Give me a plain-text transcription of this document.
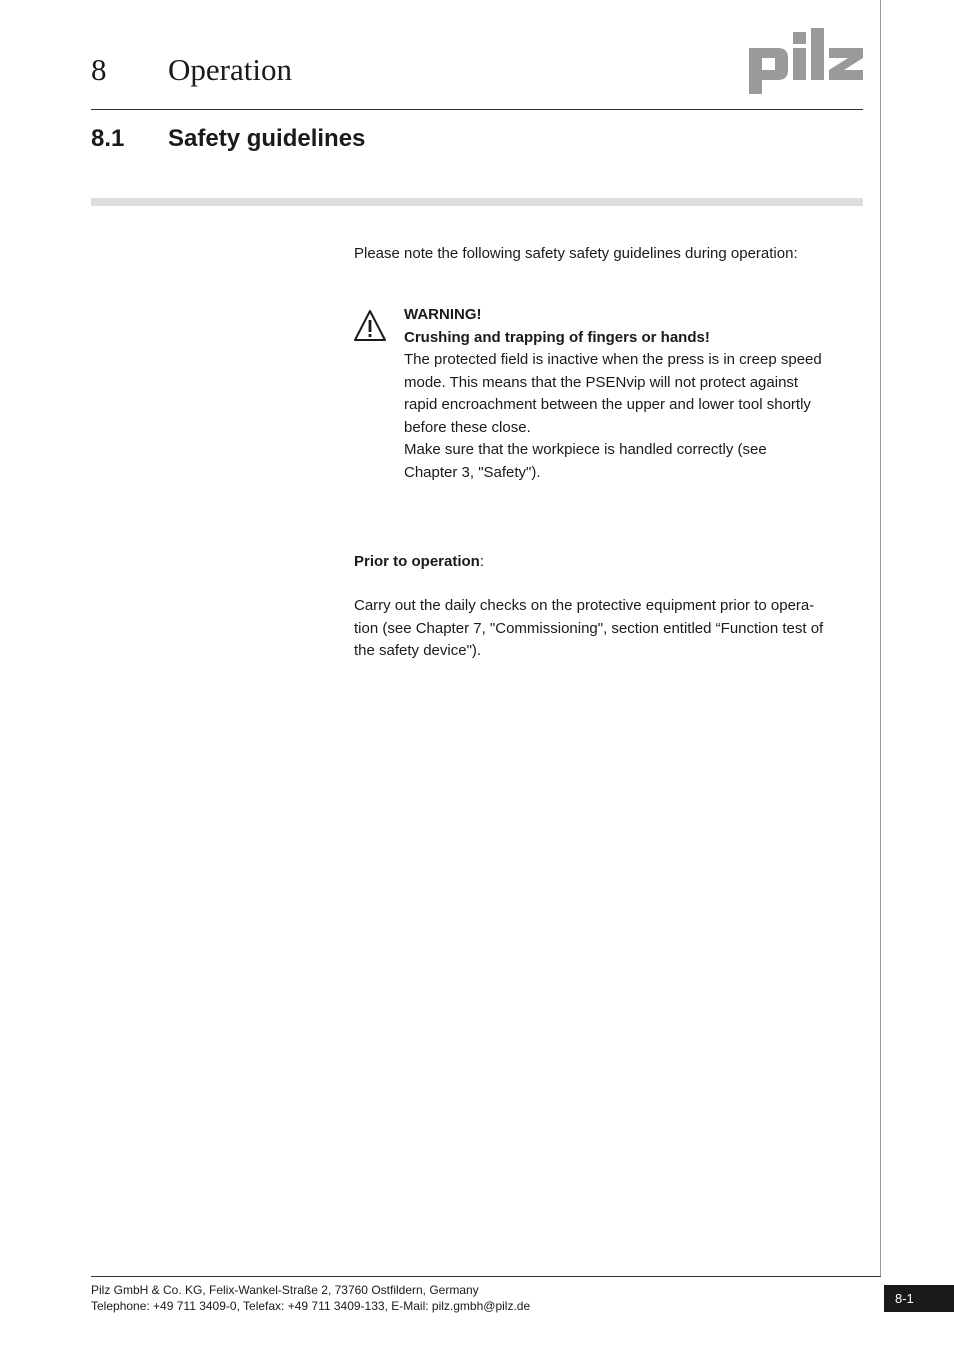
8 Operation
8.1 Safety guidelines
Please note the following safety safety guidelines during operation:
WARNING!
Crushing and trapping of fingers or hands!
The protected field is inactive when the press is in creep speed
mode. This means that the PSENvip will not protect against
rapid encroachment between the upper and lower tool shortly
before these close.
Make sure that the workpiece is handled correctly (see
Chapter 3, "Safety").
Prior to operation:
Carry out the daily checks on the protective equipment prior to opera-
tion (see Chapter 7, "Commissioning", section entitled “Function test of
the safety device").
Pilz GmbH & Co. KG, Felix-Wankel-Straße 2, 73760 Ostfildern, Germany
Telephone: +49 711 3409-0, Telefax: +49 711 3409-133, E-Mail: pilz.gmbh@pilz.de	8-1
